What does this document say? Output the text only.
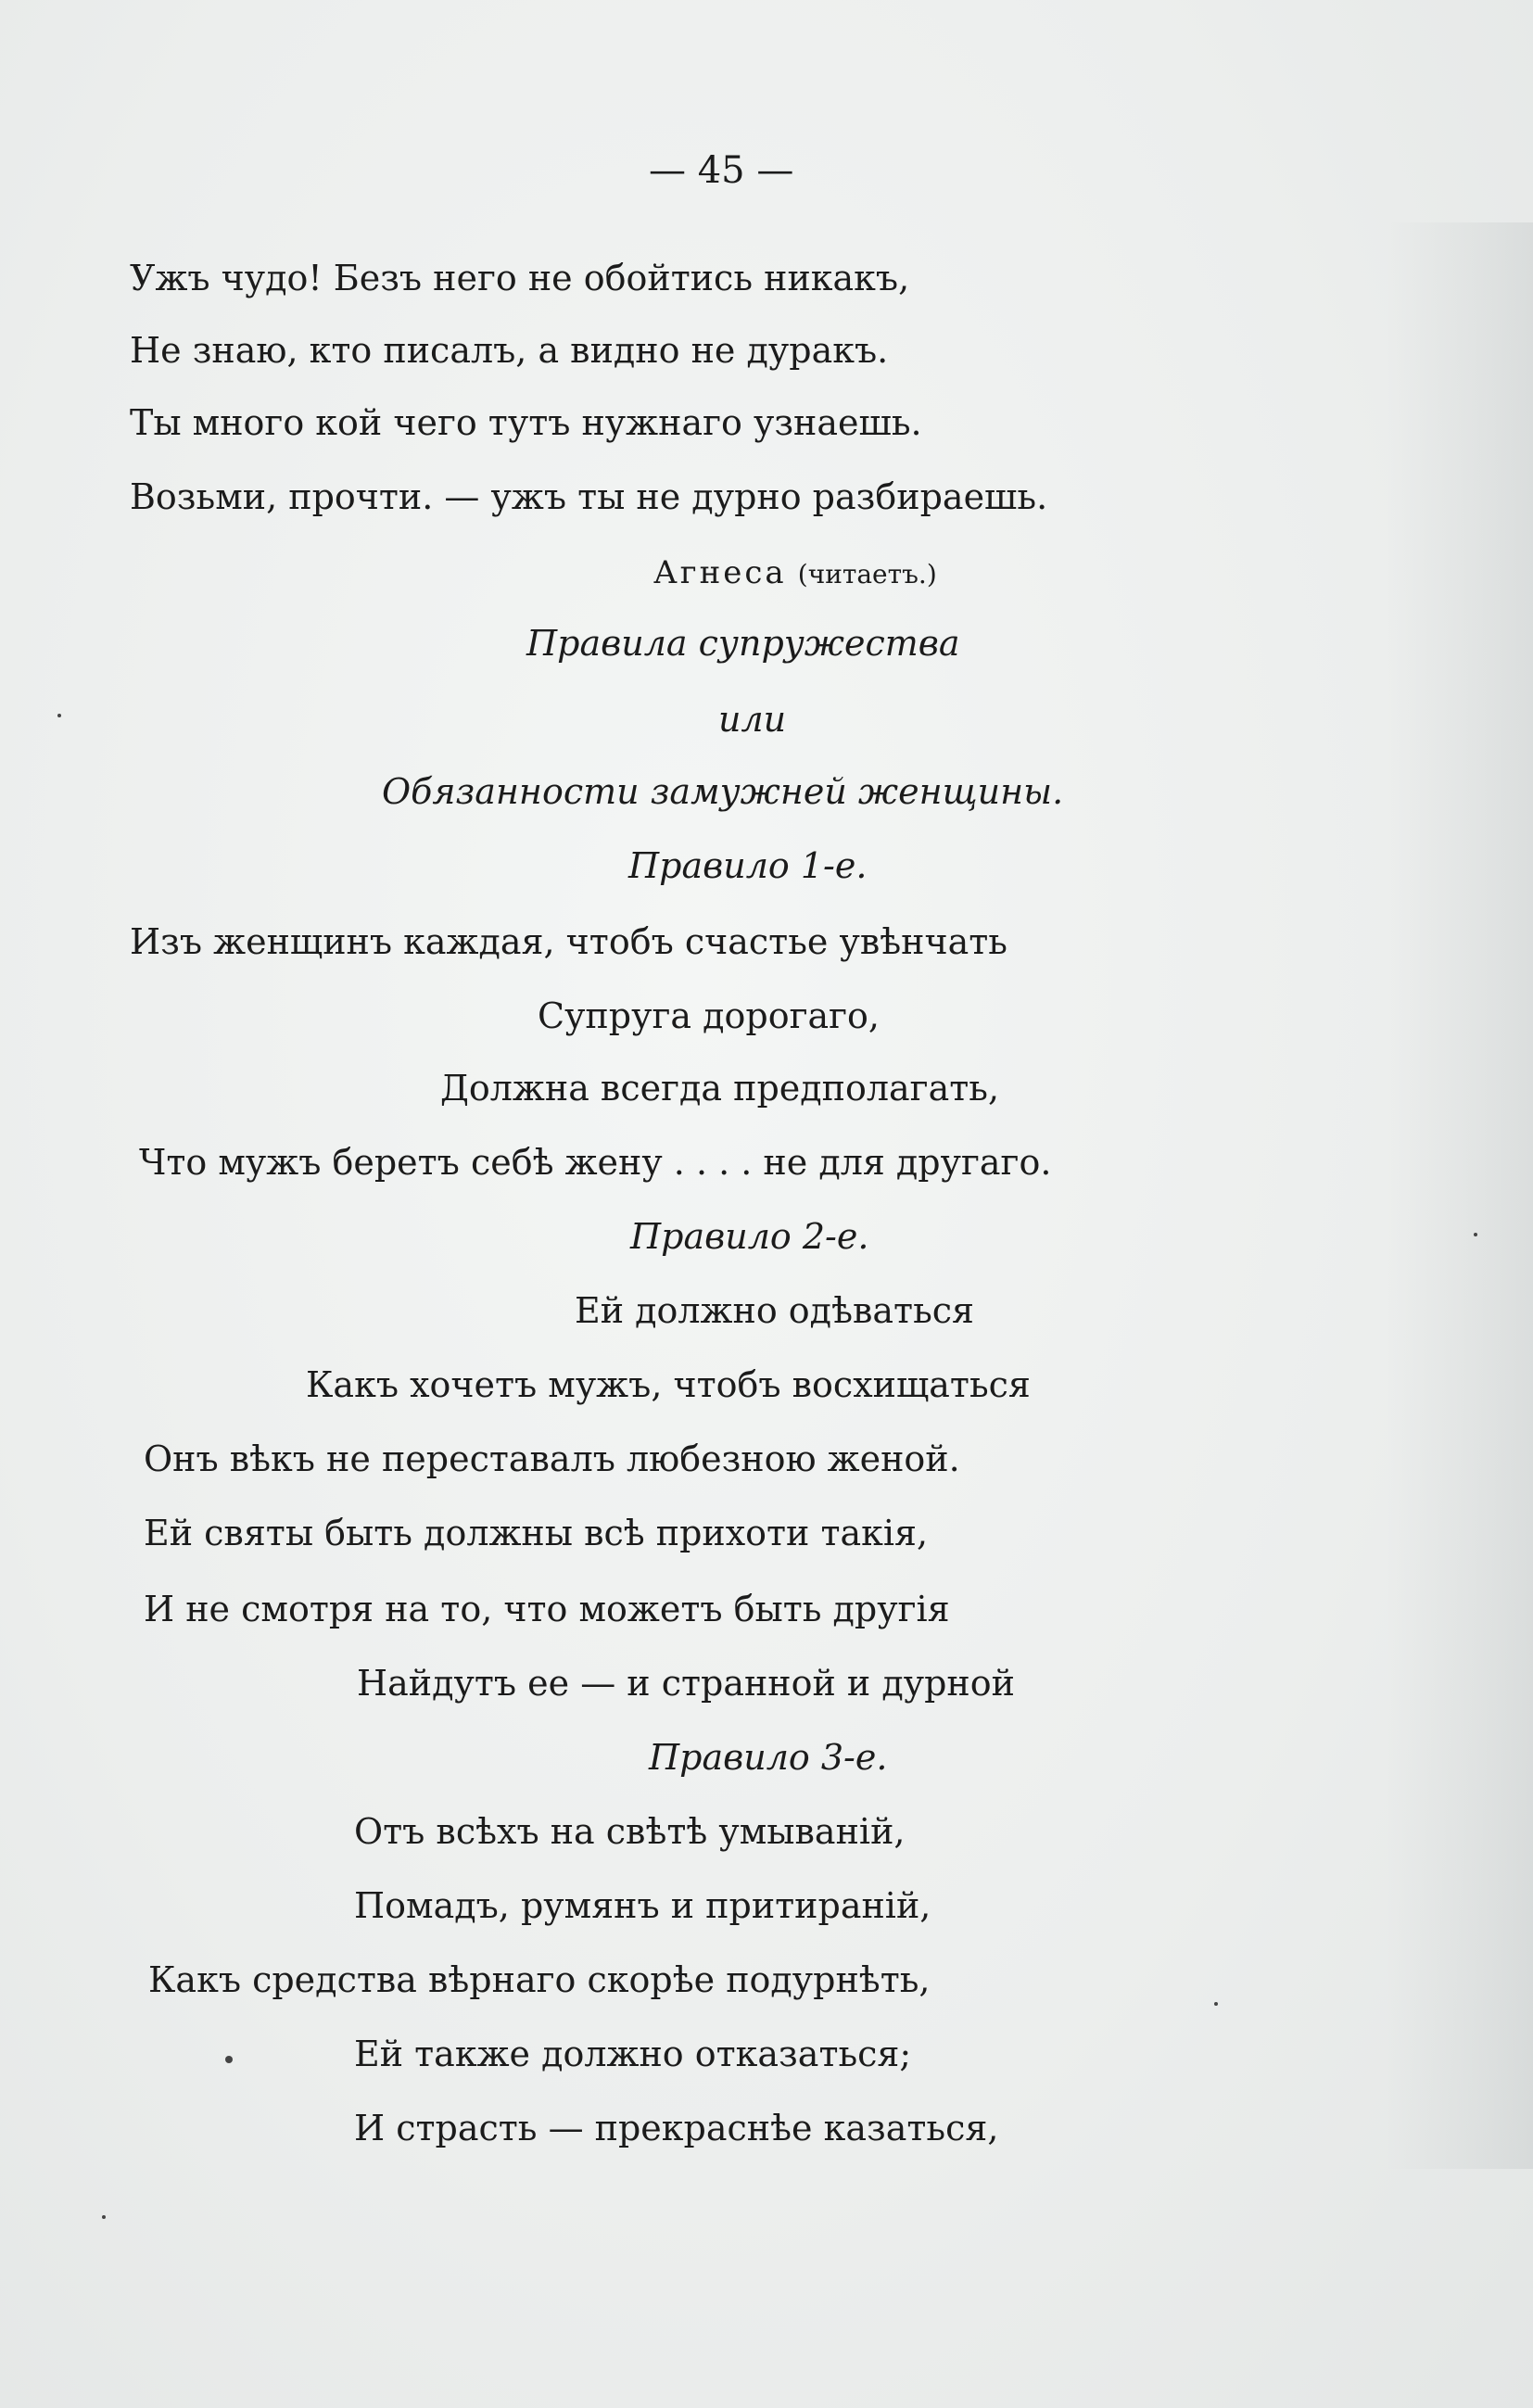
— 45 —
Ужъ чудо! Безъ него не обойтись никакъ,
Не знаю, кто писалъ, а видно не дуракъ.
Ты много кой чего тутъ нужнаго узнаешь.
Возьми, прочти. — ужъ ты не дурно разбираешь.
Агнеса (читаетъ.)
Правила супружества
или
Обязанности замужней женщины.
Правило 1-е.
Изъ женщинъ каждая, чтобъ счастье увѣнчать
Супруга дорогаго,
Должна всегда предполагать,
Что мужъ беретъ себѣ жену . . . . не для другаго.
Правило 2-е.
Ей должно одѣваться
Какъ хочетъ мужъ, чтобъ восхищаться
Онъ вѣкъ не переставалъ любезною женой.
Ей святы быть должны всѣ прихоти такія,
И не смотря на то, что можетъ быть другія
Найдутъ ее — и странной и дурной
Правило 3-е.
Отъ всѣхъ на свѣтѣ умываній,
Помадъ, румянъ и притираній,
Какъ средства вѣрнаго скорѣе подурнѣть,
Ей также должно отказаться;
И страсть — прекраснѣе казаться,
